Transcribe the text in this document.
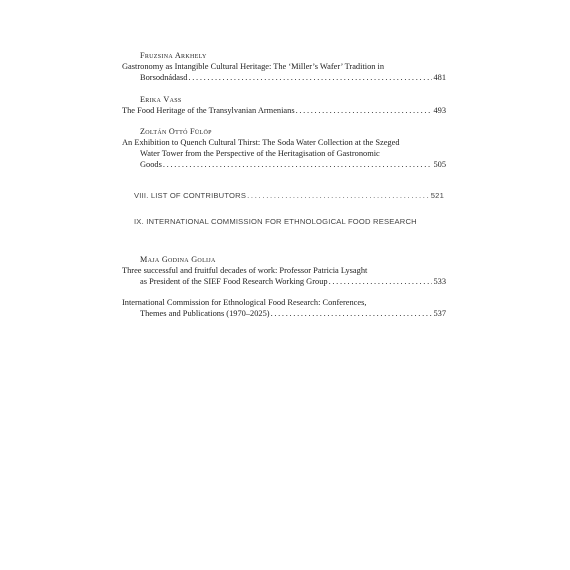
Fruzsina Arkhely
Gastronomy as Intangible Cultural Heritage: The ‘Miller’s Wafer’ Tradition in
Borsodnádasd . . .	481
Erika Vass
The Food Heritage of the Transylvanian Armenians . . .	493
Zoltán Ottó Fülöp
An Exhibition to Quench Cultural Thirst: The Soda Water Collection at the Szeged
Water Tower from the Perspective of the Heritagisation of Gastronomic
Goods . . .	505
VIII. LIST OF CONTRIBUTORS . . .	521
IX. INTERNATIONAL COMMISSION FOR ETHNOLOGICAL FOOD RESEARCH
Maja Godina Golija
Three successful and fruitful decades of work: Professor Patricia Lysaght
as President of the SIEF Food Research Working Group . . .	533
International Commission for Ethnological Food Research: Conferences,
Themes and Publications (1970–2025) . . .	537
